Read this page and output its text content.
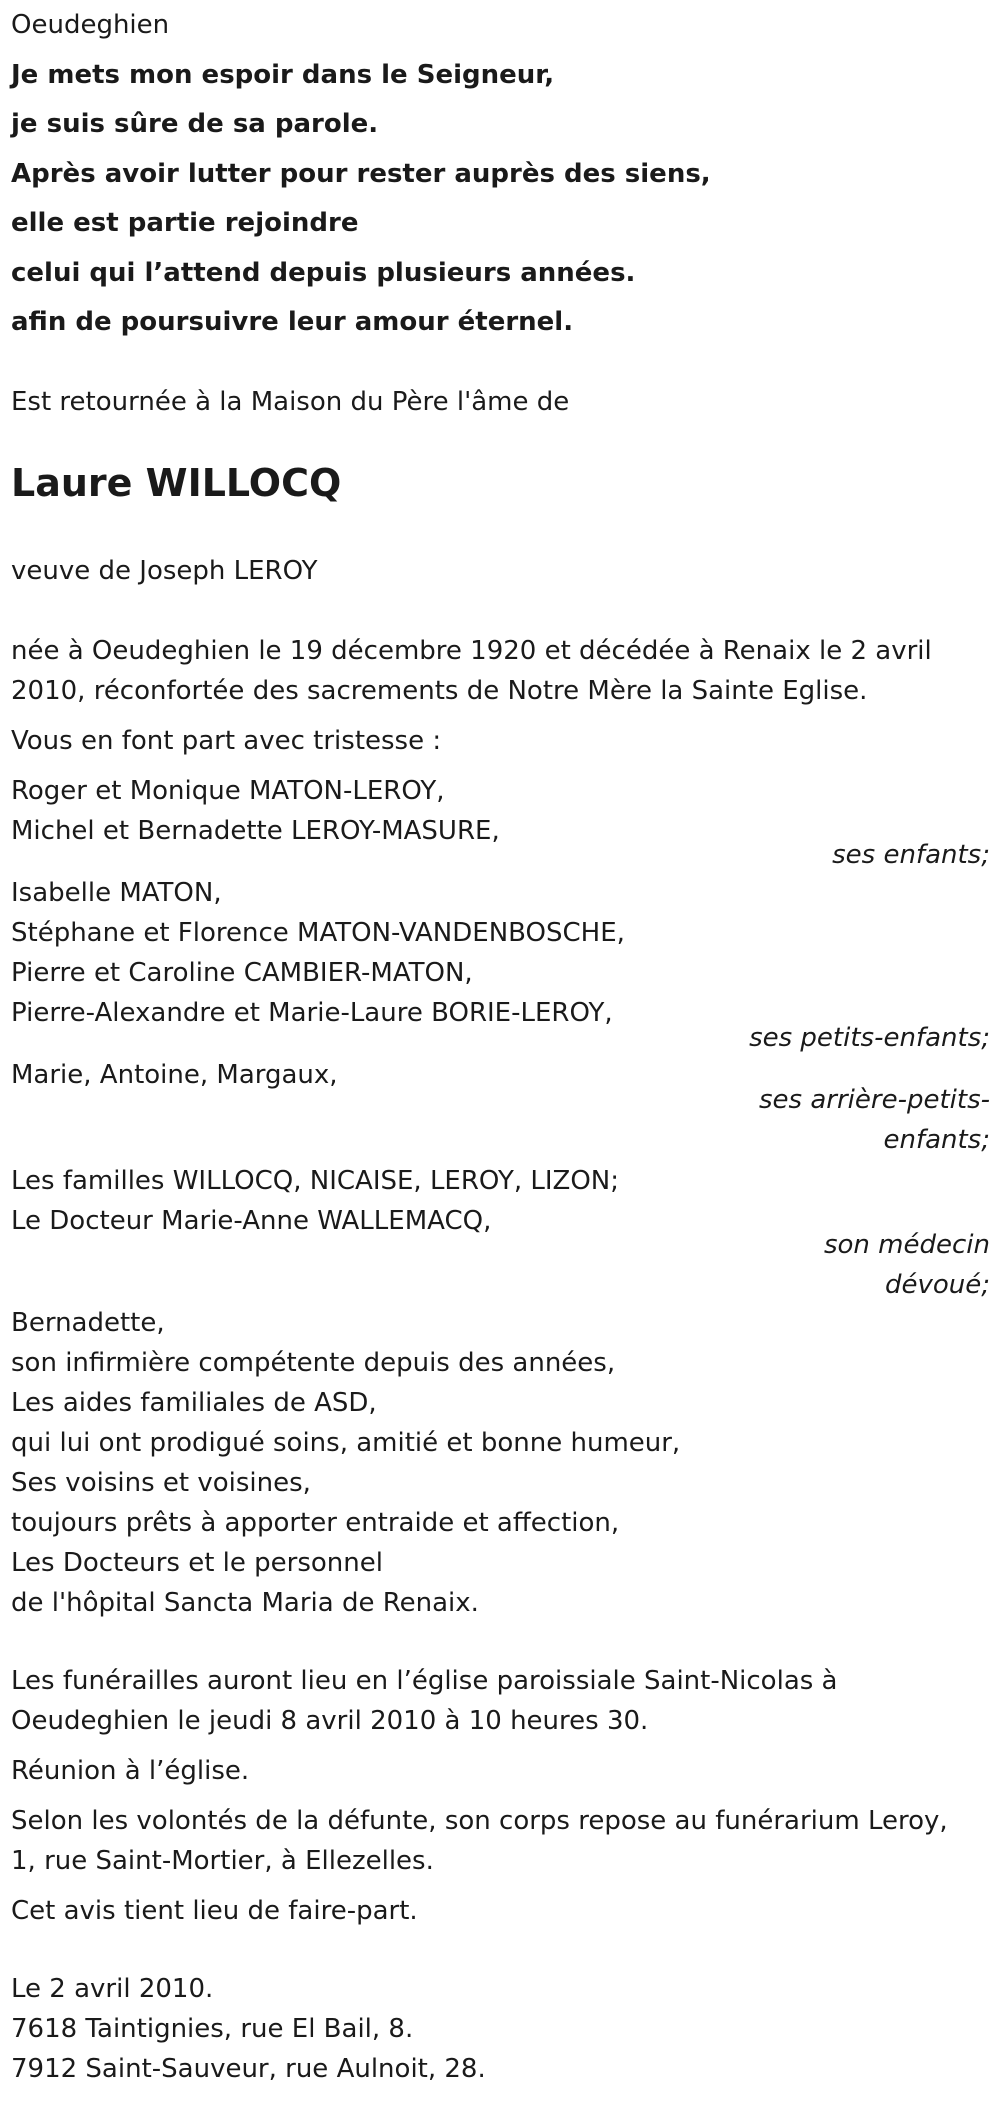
Oeudeghien
Je mets mon espoir dans le Seigneur,
je suis sûre de sa parole.
Après avoir lutter pour rester auprès des siens,
elle est partie rejoindre
celui qui l’attend depuis plusieurs années.
afin de poursuivre leur amour éternel.
Est retournée à la Maison du Père l'âme de
Laure WILLOCQ
veuve de Joseph LEROY
née à Oeudeghien le 19 décembre 1920 et décédée à Renaix le 2 avril
2010, réconfortée des sacrements de Notre Mère la Sainte Eglise.
Vous en font part avec tristesse :
Roger et Monique MATON-LEROY,
Michel et Bernadette LEROY-MASURE,
ses enfants;
Isabelle MATON,
Stéphane et Florence MATON-VANDENBOSCHE,
Pierre et Caroline CAMBIER-MATON,
Pierre-Alexandre et Marie-Laure BORIE-LEROY,
ses petits-enfants;
Marie, Antoine, Margaux,
ses arrière-petits-
enfants;
Les familles WILLOCQ, NICAISE, LEROY, LIZON;
Le Docteur Marie-Anne WALLEMACQ,
son médecin
dévoué;
Bernadette,
son infirmière compétente depuis des années,
Les aides familiales de ASD,
qui lui ont prodigué soins, amitié et bonne humeur,
Ses voisins et voisines,
toujours prêts à apporter entraide et affection,
Les Docteurs et le personnel
de l'hôpital Sancta Maria de Renaix.
Les funérailles auront lieu en l’église paroissiale Saint-Nicolas à
Oeudeghien le jeudi 8 avril 2010 à 10 heures 30.
Réunion à l’église.
Selon les volontés de la défunte, son corps repose au funérarium Leroy,
1, rue Saint-Mortier, à Ellezelles.
Cet avis tient lieu de faire-part.
Le 2 avril 2010.
7618 Taintignies, rue El Bail, 8.
7912 Saint-Sauveur, rue Aulnoit, 28.
